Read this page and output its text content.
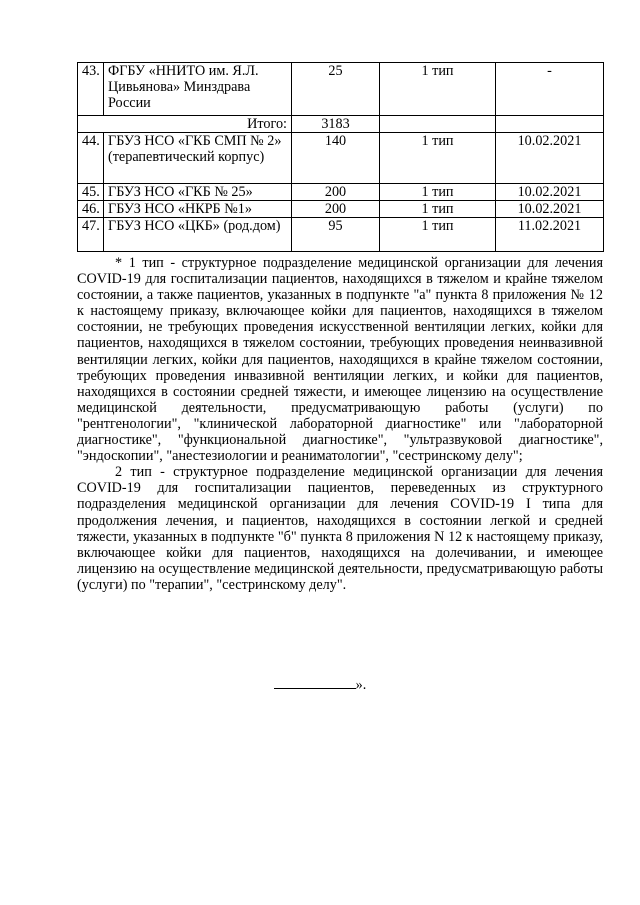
43.	ФГБУ «ННИТО им. Я.Л. Цивьянова» Минздрава России	25	1 тип	-
Итого:		3183		
44.	ГБУЗ НСО «ГКБ СМП № 2» (терапевтический корпус)	140	1 тип	10.02.2021
45.	ГБУЗ НСО «ГКБ № 25»	200	1 тип	10.02.2021
46.	ГБУЗ НСО «НКРБ №1»	200	1 тип	10.02.2021
47.	ГБУЗ НСО «ЦКБ» (род.дом)	95	1 тип	11.02.2021

* 1 тип - структурное подразделение медицинской организации для лечения COVID-19 для госпитализации пациентов, находящихся в тяжелом и крайне тяжелом состоянии, а также пациентов, указанных в подпункте "а" пункта 8 приложения № 12 к настоящему приказу, включающее койки для пациентов, находящихся в тяжелом состоянии, не требующих проведения искусственной вентиляции легких, койки для пациентов, находящихся в тяжелом состоянии, требующих проведения неинвазивной вентиляции легких, койки для пациентов, находящихся в крайне тяжелом состоянии, требующих проведения инвазивной вентиляции легких, и койки для пациентов, находящихся в состоянии средней тяжести, и имеющее лицензию на осуществление медицинской деятельности, предусматривающую работы (услуги) по "рентгенологии", "клинической лабораторной диагностике" или "лабораторной диагностике", "функциональной диагностике", "ультразвуковой диагностике", "эндоскопии", "анестезиологии и реаниматологии", "сестринскому делу";

2 тип - структурное подразделение медицинской организации для лечения COVID-19 для госпитализации пациентов, переведенных из структурного подразделения медицинской организации для лечения COVID-19 I типа для продолжения лечения, и пациентов, находящихся в состоянии легкой и средней тяжести, указанных в подпункте "б" пункта 8 приложения N 12 к настоящему приказу, включающее койки для пациентов, находящихся на долечивании, и имеющее лицензию на осуществление медицинской деятельности, предусматривающую работы (услуги) по "терапии", "сестринскому делу".

».
